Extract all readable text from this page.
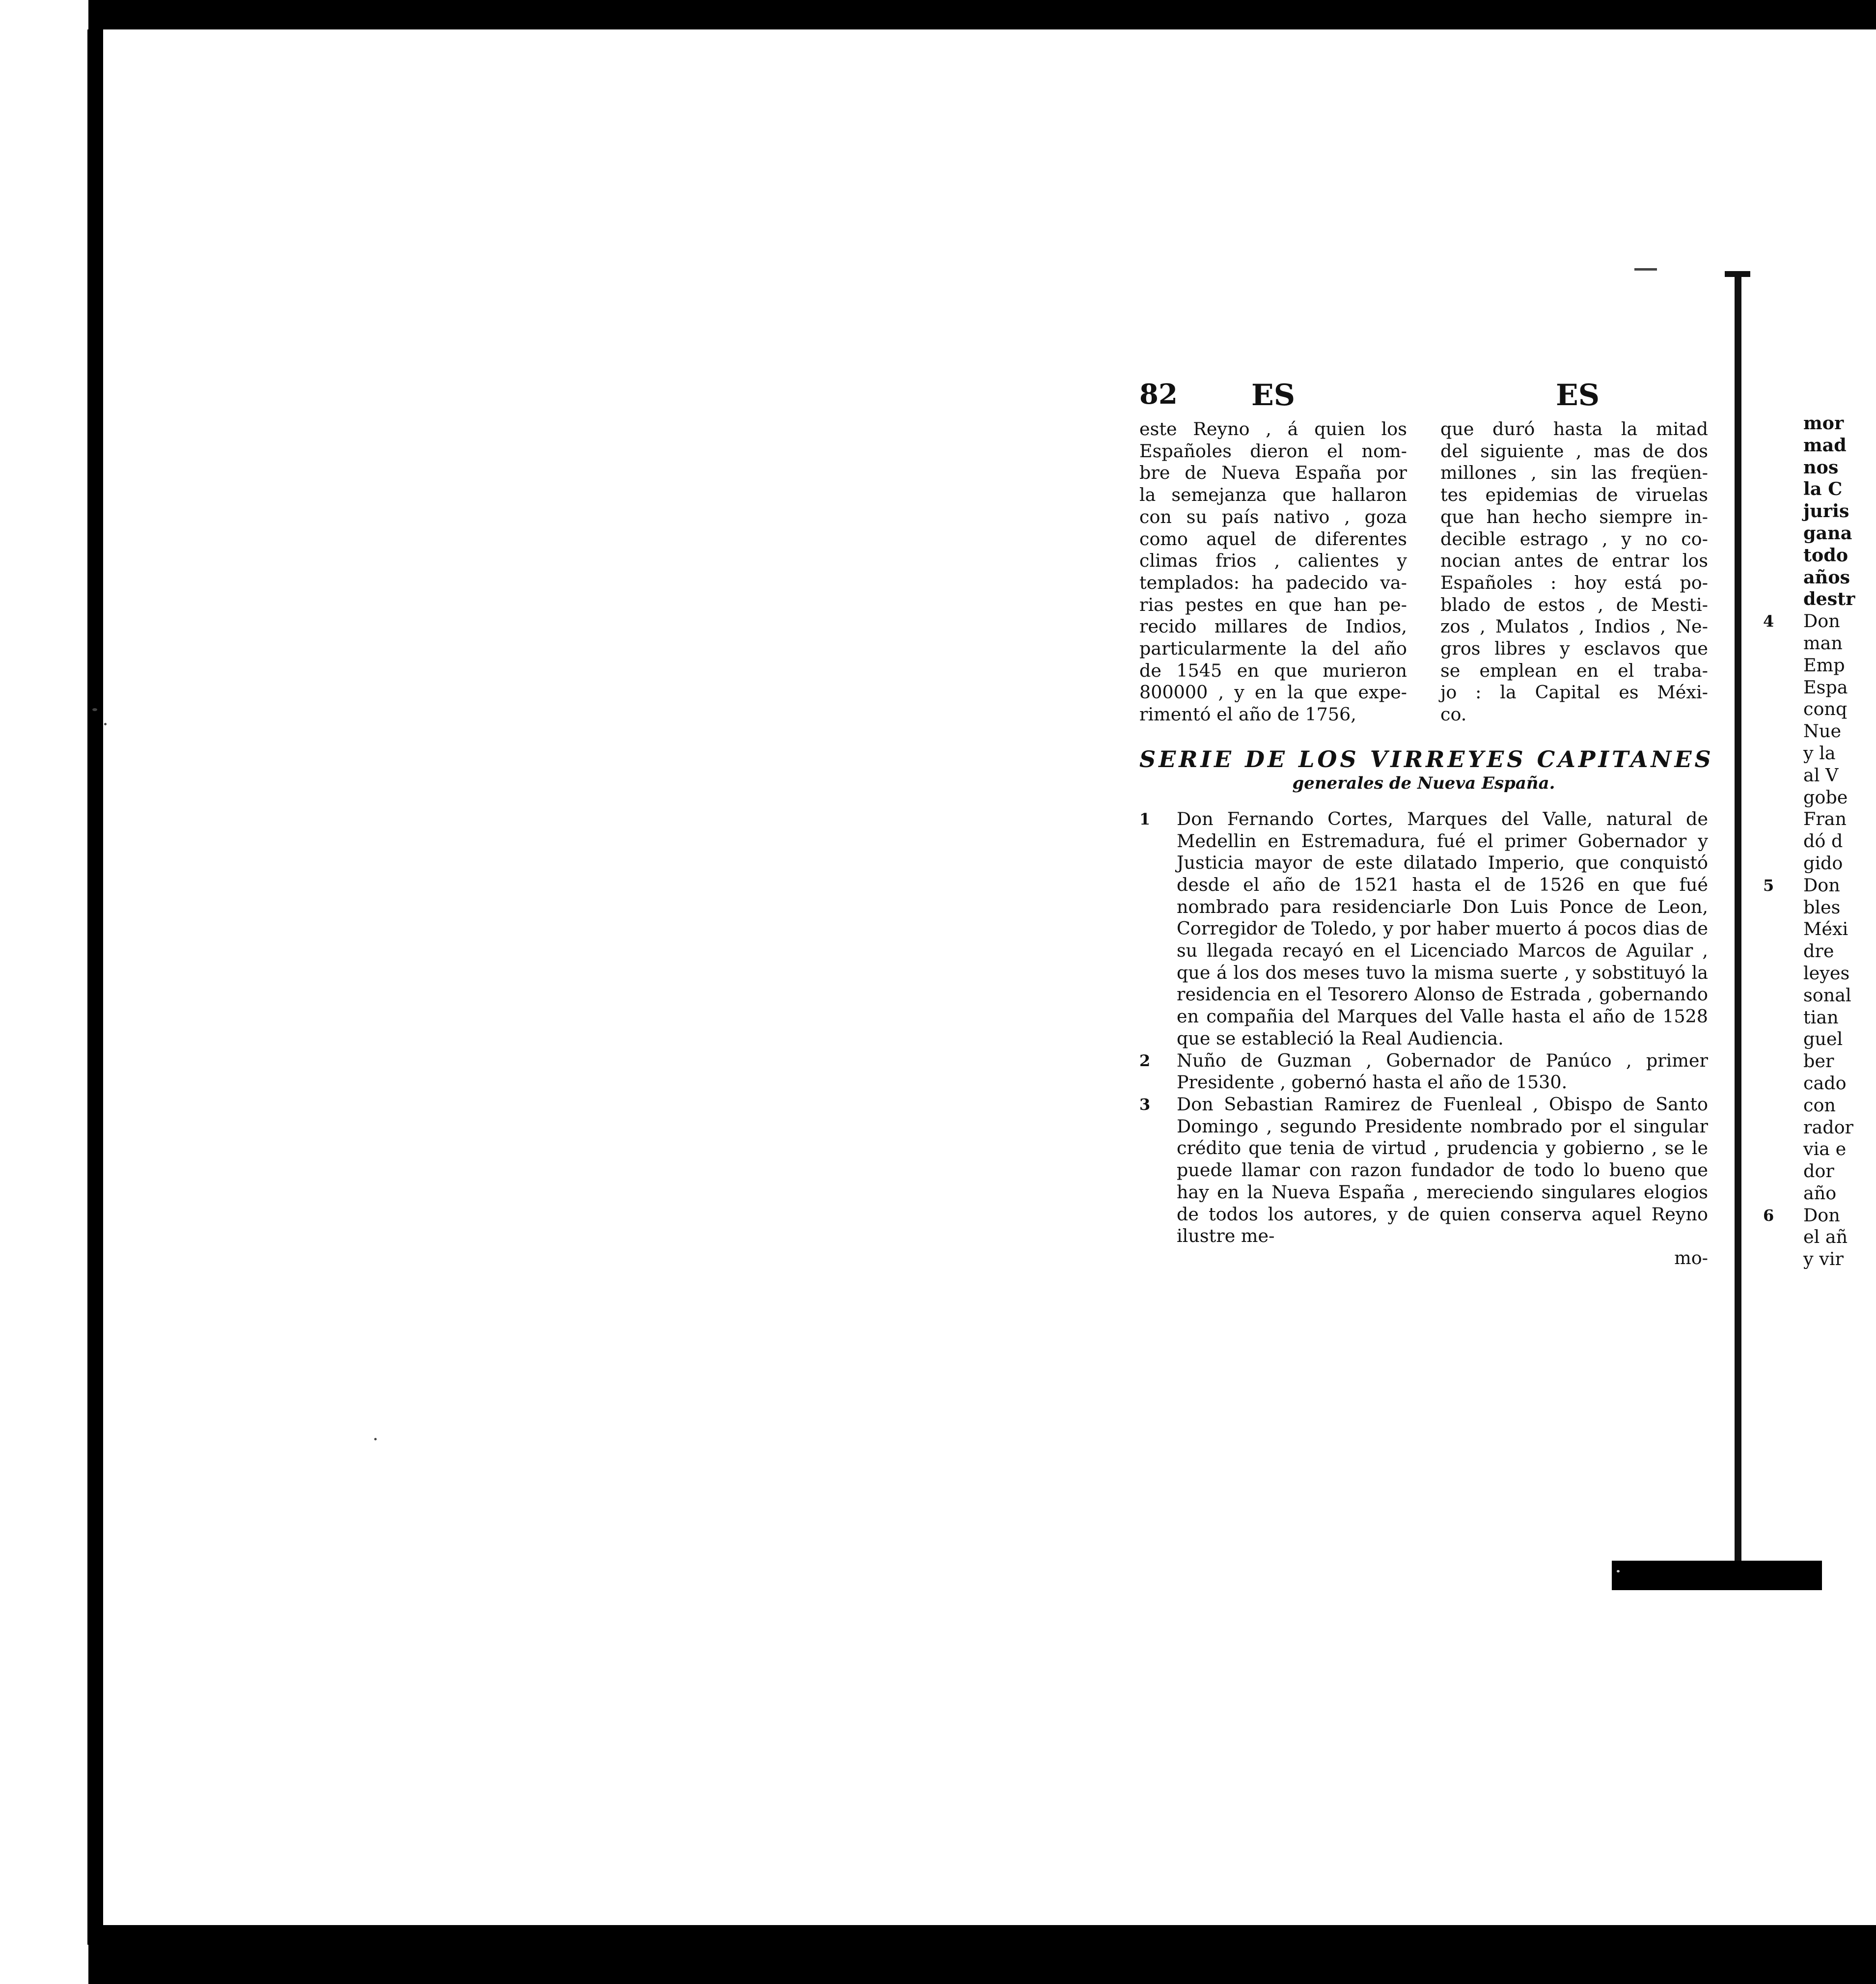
82	ES	ES
este Reyno , á quien los
Españoles dieron el nom-
bre de Nueva España por
la semejanza que hallaron
con su país nativo , goza
como aquel de diferentes
climas frios , calientes y
templados: ha padecido va-
rias pestes en que han pe-
recido millares de Indios,
particularmente la del año
de 1545 en que murieron
800000 , y en la que expe-
rimentó el año de 1756,
que duró hasta la mitad
del siguiente , mas de dos
millones , sin las freqüen-
tes epidemias de viruelas
que han hecho siempre in-
decible estrago , y no co-
nocian antes de entrar los
Españoles : hoy está po-
blado de estos , de Mesti-
zos , Mulatos , Indios , Ne-
gros libres y esclavos que
se emplean en el traba-
jo : la Capital es Méxi-
co.
SERIE DE LOS VIRREYES CAPITANES
generales de Nueva España.
1 Don Fernando Cortes, Marques del Valle, natural de Medellin en Estremadura, fué el primer Gobernador y Justicia mayor de este dilatado Imperio, que conquistó desde el año de 1521 hasta el de 1526 en que fué nombrado para residenciarle Don Luis Ponce de Leon, Corregidor de Toledo, y por haber muerto á pocos dias de su llegada recayó en el Licenciado Marcos de Aguilar , que á los dos meses tuvo la misma suerte , y sobstituyó la residencia en el Tesorero Alonso de Estrada , gobernando en compañia del Marques del Valle hasta el año de 1528 que se estableció la Real Audiencia.
2 Nuño de Guzman , Gobernador de Panúco , primer Presidente , gobernó hasta el año de 1530.
3 Don Sebastian Ramirez de Fuenleal , Obispo de Santo Domingo , segundo Presidente nombrado por el singular crédito que tenia de virtud , prudencia y gobierno , se le puede llamar con razon fundador de todo lo bueno que hay en la Nueva España , mereciendo singulares elogios de todos los autores, y de quien conserva aquel Reyno ilustre me-
mo-
mor
mad
nos
la C
juris
gana
todo
años
destr
4 Don
man
Emp
Espa
conq
Nue
y la
al V
gobe
Fran
dó d
gido
5 Don
bles
Méxi
dre
leyes
sonal
tian
guel
ber
cado
con
rador
via e
dor
año
6 Don
el añ
y vir
